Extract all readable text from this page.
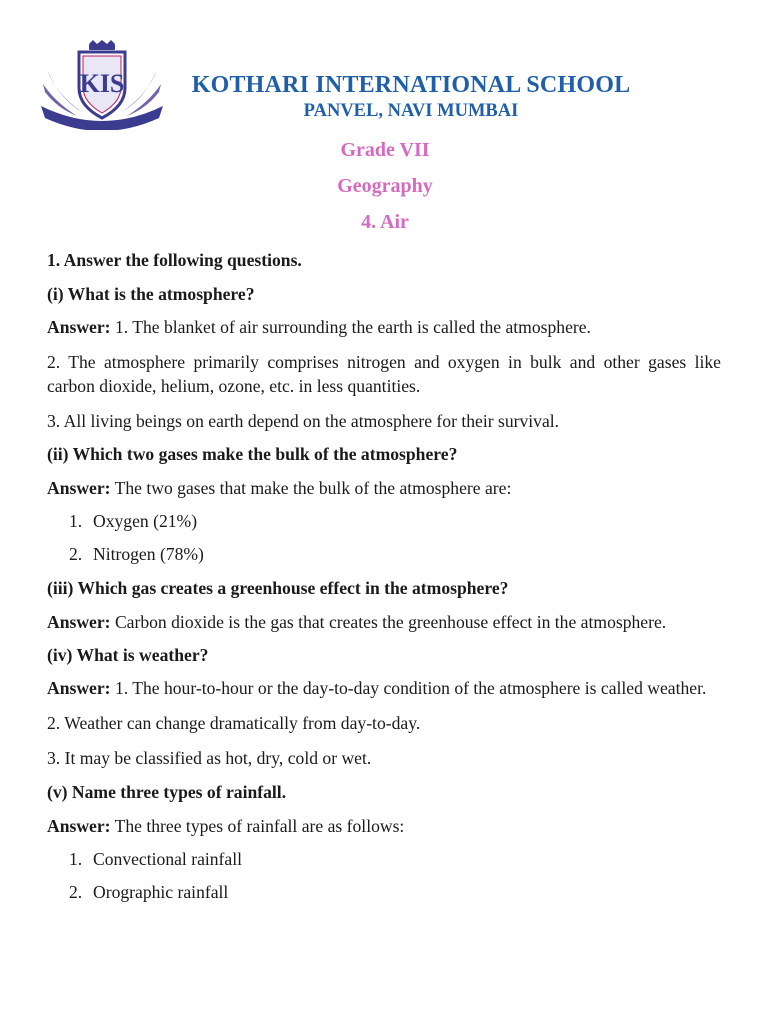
KIS	KOTHARI INTERNATIONAL SCHOOL
PANVEL, NAVI MUMBAI
Grade VII
Geography
4. Air

1. Answer the following questions.

(i) What is the atmosphere?

Answer: 1. The blanket of air surrounding the earth is called the atmosphere.

2. The atmosphere primarily comprises nitrogen and oxygen in bulk and other gases like carbon dioxide, helium, ozone, etc. in less quantities.

3. All living beings on earth depend on the atmosphere for their survival.

(ii) Which two gases make the bulk of the atmosphere?

Answer: The two gases that make the bulk of the atmosphere are:

1. Oxygen (21%)

2. Nitrogen (78%)

(iii) Which gas creates a greenhouse effect in the atmosphere?

Answer: Carbon dioxide is the gas that creates the greenhouse effect in the atmosphere.

(iv) What is weather?

Answer: 1. The hour-to-hour or the day-to-day condition of the atmosphere is called weather.

2. Weather can change dramatically from day-to-day.

3. It may be classified as hot, dry, cold or wet.

(v) Name three types of rainfall.

Answer: The three types of rainfall are as follows:

1. Convectional rainfall

2. Orographic rainfall
